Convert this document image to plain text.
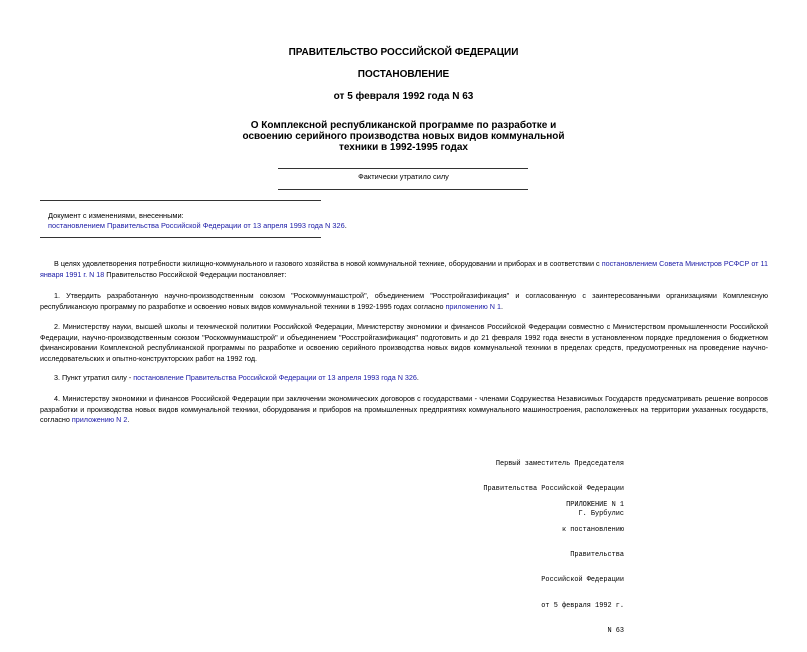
ПРАВИТЕЛЬСТВО РОССИЙСКОЙ ФЕДЕРАЦИИ
ПОСТАНОВЛЕНИЕ
от 5 февраля 1992 года N 63
О Комплексной республиканской программе по разработке и
освоению серийного производства новых видов коммунальной
техники в 1992-1995 годах
Фактически утратило силу
Документ с изменениями, внесенными:
постановлением Правительства Российской Федерации от 13 апреля 1993 года N 326.
В целях удовлетворения потребности жилищно-коммунального и газового хозяйства в новой коммунальной технике, оборудовании и приборах и в соответствии с постановлением Совета Министров РСФСР от 11 января 1991 г. N 18 Правительство Российской Федерации постановляет:
1. Утвердить разработанную научно-производственным союзом "Роскоммунмашстрой", объединением "Росстройгазификация" и согласованную с заинтересованными организациями Комплексную республиканскую программу по разработке и освоению новых видов коммунальной техники в 1992-1995 годах согласно приложению N 1.
2. Министерству науки, высшей школы и технической политики Российской Федерации, Министерству экономики и финансов Российской Федерации совместно с Министерством промышленности Российской Федерации, научно-производственным союзом "Роскоммунмашстрой" и объединением "Росстройгазификация" подготовить и до 21 февраля 1992 года внести в установленном порядке предложения о бюджетном финансировании Комплексной республиканской программы по разработке и освоению серийного производства новых видов коммунальной техники в пределах средств, предусмотренных на проведение научно-исследовательских и опытно-конструкторских работ на 1992 год.
3. Пункт утратил силу - постановление Правительства Российской Федерации от 13 апреля 1993 года N 326.
4. Министерству экономики и финансов Российской Федерации при заключении экономических договоров с государствами - членами Содружества Независимых Государств предусматривать решение вопросов разработки и производства новых видов коммунальной техники, оборудования и приборов на промышленных предприятиях коммунального машиностроения, расположенных на территории указанных государств, согласно приложению N 2.

Первый заместитель Председателя

Правительства Российской Федерации

Г. Бурбулис

ПРИЛОЖЕНИЕ N 1

к постановлению

Правительства

Российской Федерации

от 5 февраля 1992 г.

N 63
